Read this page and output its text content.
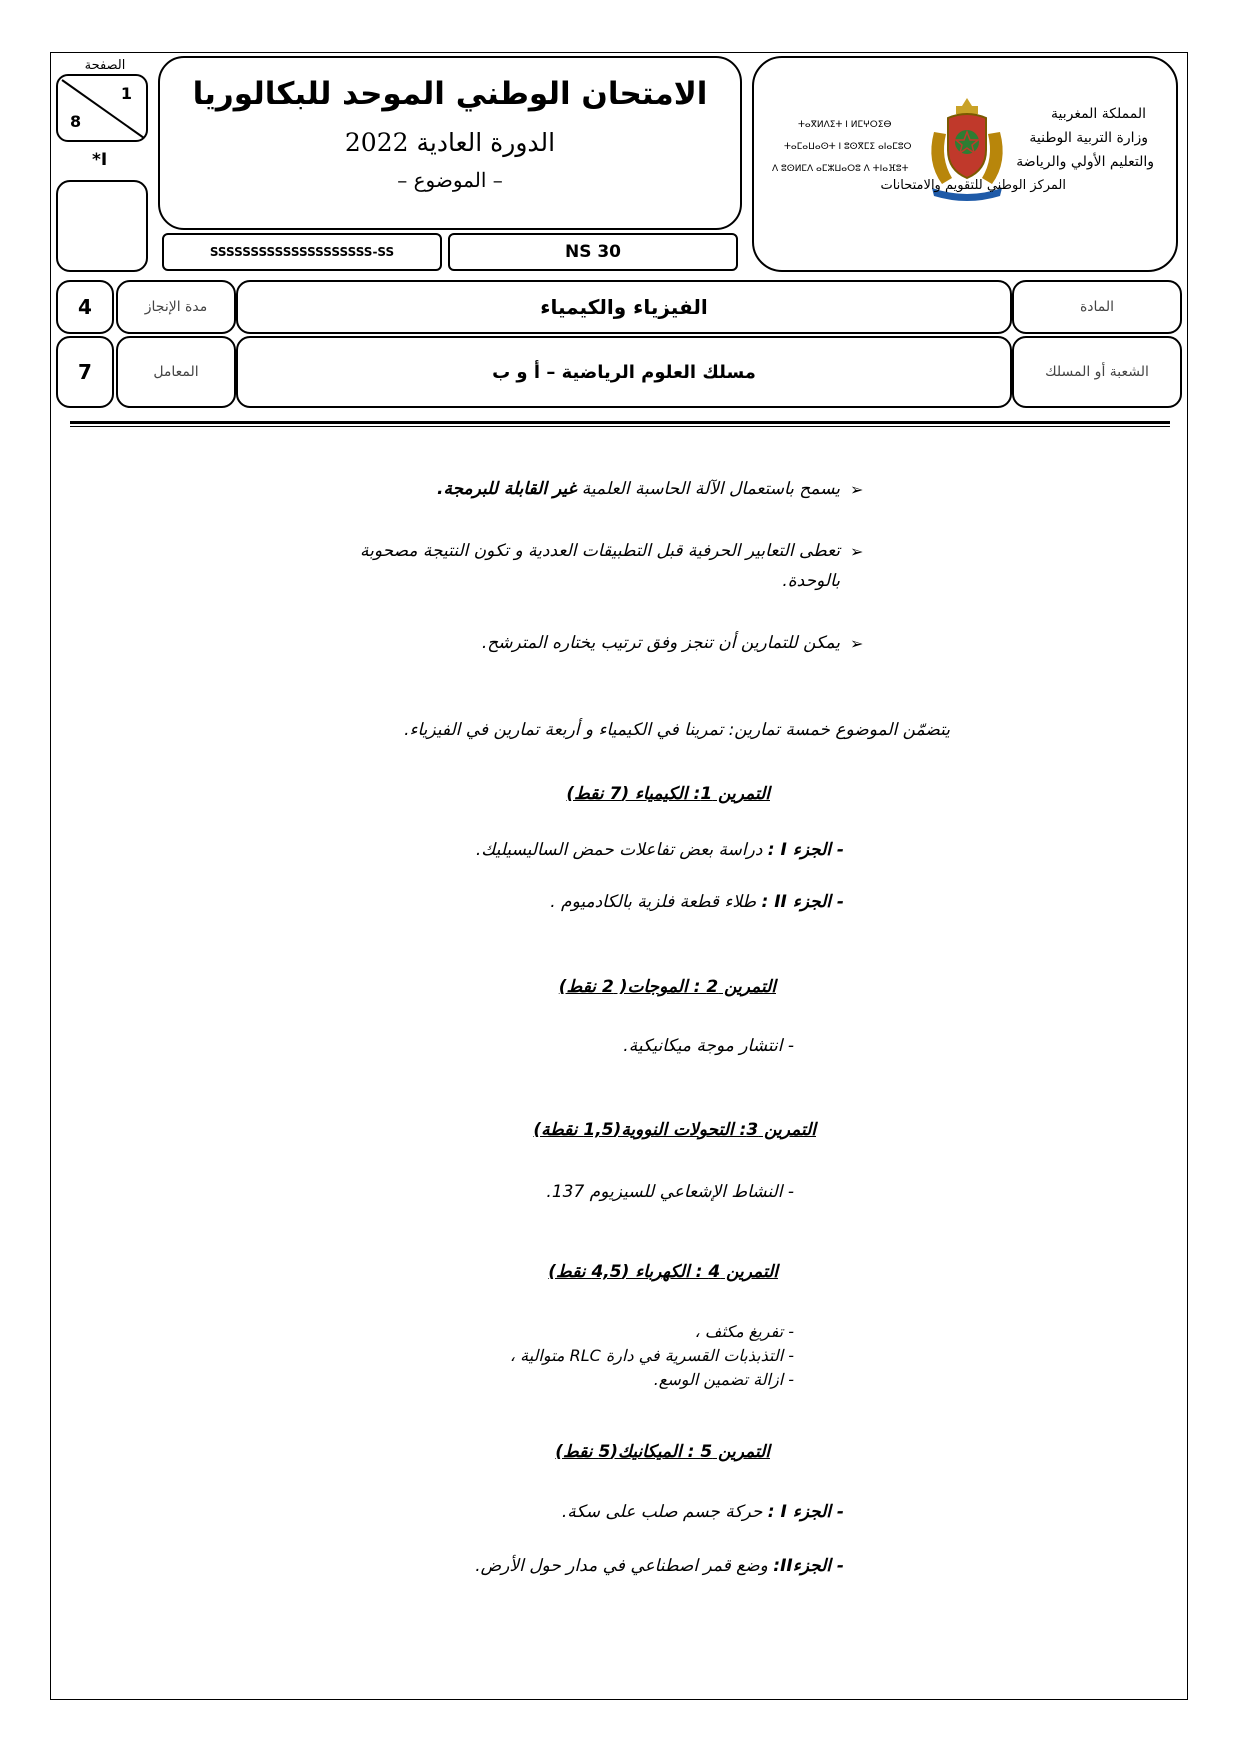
الصفحة
1
8
*I
الامتحان الوطني الموحد للبكالوريا
الدورة العادية 2022
– الموضوع –
SSSSSSSSSSSSSSSSSSSS-SS	NS 30
ⵜⴰⴳⵍⴷⵉⵜ ⵏ ⵍⵎⵖⵔⵉⴱ
ⵜⴰⵎⴰⵡⴰⵙⵜ ⵏ ⵓⵙⴳⵎⵉ ⴰⵏⴰⵎⵓⵔ
ⴷ ⵓⵙⵍⵎⴷ ⴰⵎⵣⵡⴰⵔⵓ ⴷ ⵜⵏⴰⴼⵓⵜ
المملكة المغربية
وزارة التربية الوطنية
والتعليم الأولي والرياضة
المركز الوطني للتقويم والامتحانات
4	مدة الإنجاز	الفيزياء والكيمياء	المادة
7	المعامل	مسلك العلوم الرياضية – أ و ب	الشعبة أو المسلك
➢
يسمح باستعمال الآلة الحاسبة العلمية غير القابلة للبرمجة.
➢
تعطى التعابير الحرفية قبل التطبيقات العددية و تكون النتيجة مصحوبة
بالوحدة.
➢
يمكن للتمارين أن تنجز وفق ترتيب يختاره المترشح.
يتضمّن الموضوع خمسة تمارين: تمرينا في الكيمياء و أربعة تمارين في الفيزياء.
التمرين 1: الكيمياء (7 نقط)
- الجزء I : دراسة بعض تفاعلات حمض الساليسيليك.
- الجزء II : طلاء قطعة فلزية بالكادميوم .
التمرين 2 : الموجات( 2 نقط)
- انتشار موجة ميكانيكية.
التمرين 3: التحولات النووية(1,5 نقطة)
- النشاط الإشعاعي للسيزيوم 137.
التمرين 4 : الكهرباء (4,5 نقط)
- تفريغ مكثف ،
- التذبذبات القسرية في دارة RLC متوالية ،
- ازالة تضمين الوسع.
التمرين 5 : الميكانيك(5 نقط)
- الجزء I : حركة جسم صلب على سكة.
- الجزءII: وضع قمر اصطناعي في مدار حول الأرض.
